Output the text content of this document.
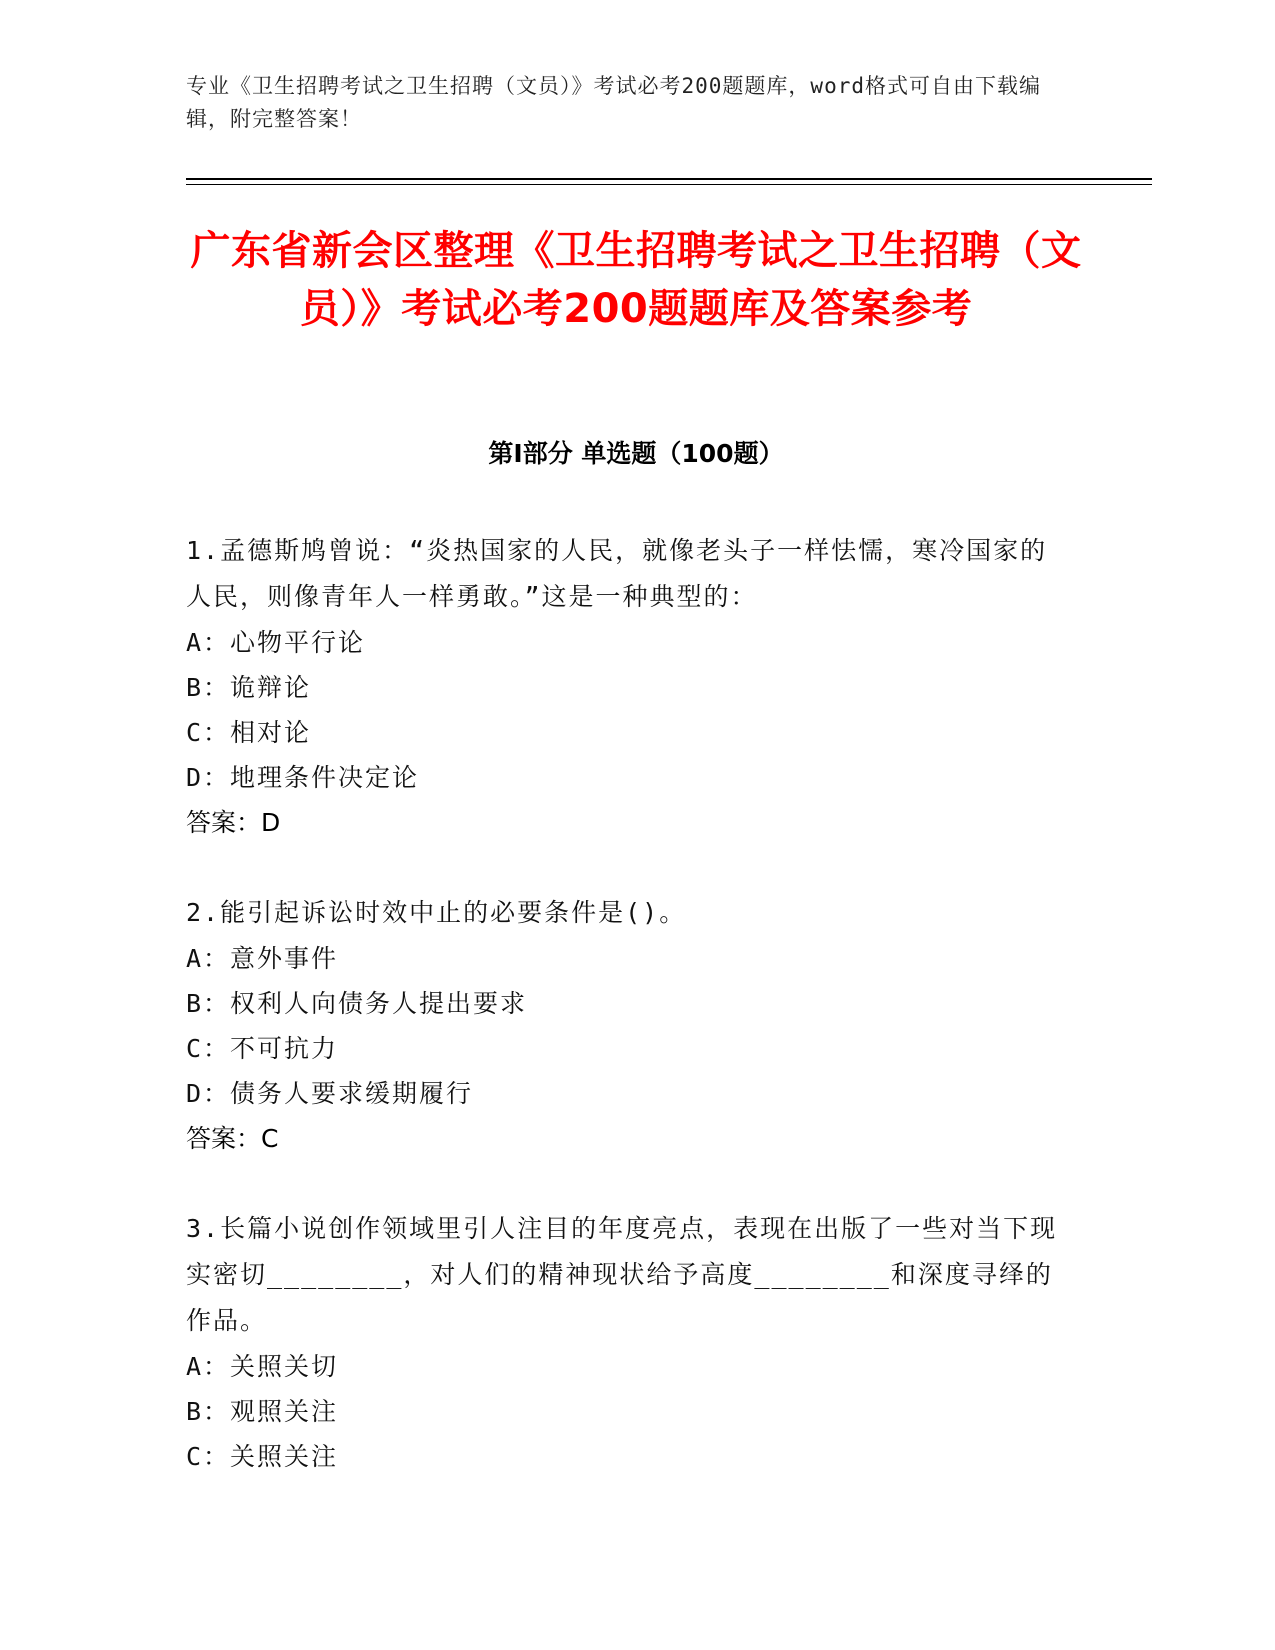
专业《卫生招聘考试之卫生招聘（文员）》考试必考200题题库，word格式可自由下载编辑，附完整答案！
广东省新会区整理《卫生招聘考试之卫生招聘（文员）》考试必考200题题库及答案参考
第Ⅰ部分 单选题（100题）
1.孟德斯鸠曾说：“炎热国家的人民，就像老头子一样怯懦，寒冷国家的人民，则像青年人一样勇敢。”这是一种典型的：
A：心物平行论
B：诡辩论
C：相对论
D：地理条件决定论
答案：D
2.能引起诉讼时效中止的必要条件是()。
A：意外事件
B：权利人向债务人提出要求
C：不可抗力
D：债务人要求缓期履行
答案：C
3.长篇小说创作领域里引人注目的年度亮点，表现在出版了一些对当下现实密切________，对人们的精神现状给予高度________和深度寻绎的作品。
A：关照关切
B：观照关注
C：关照关注
